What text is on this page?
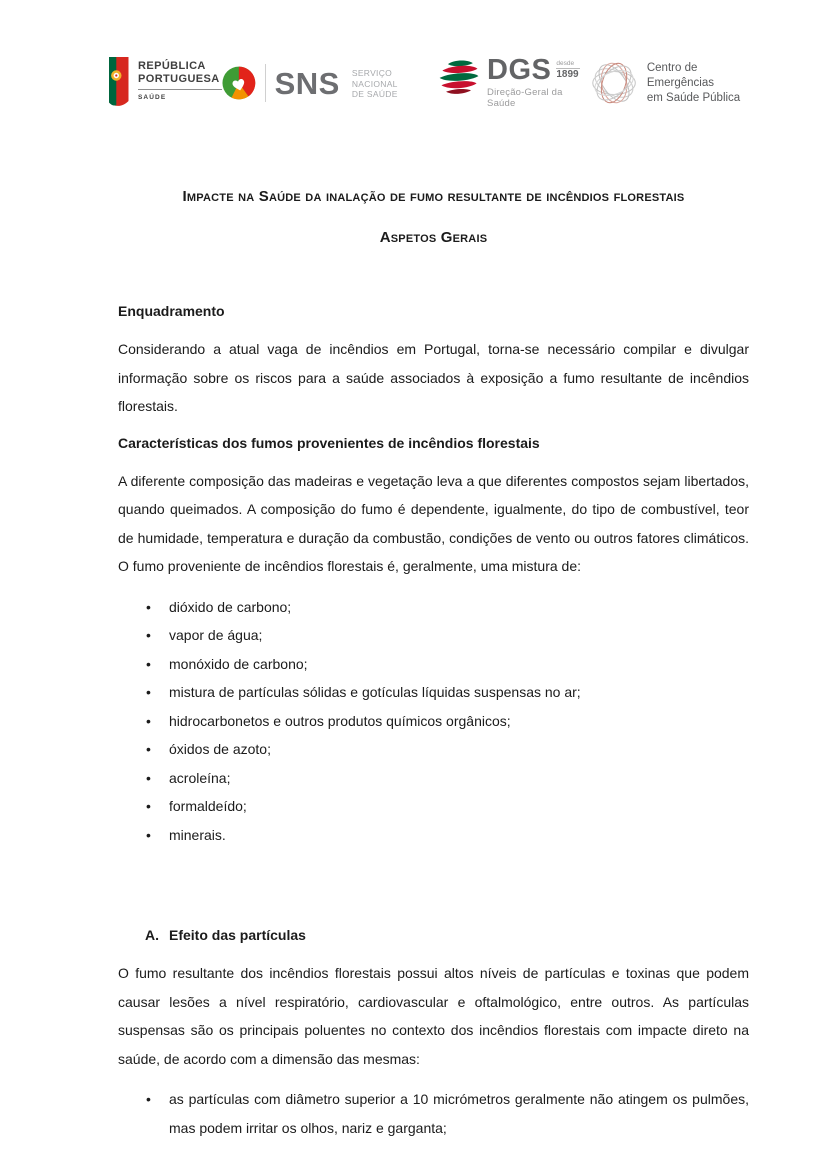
REPÚBLICA
PORTUGUESA
SAÚDE	SNS SERVIÇO NACIONAL
DE SAÚDE
DGS desde
1899
Direção-Geral da Saúde
Centro de Emergências
em Saúde Pública
Impacte na Saúde da inalação de fumo resultante de incêndios florestais
Aspetos Gerais
Enquadramento

Considerando a atual vaga de incêndios em Portugal, torna-se necessário compilar e divulgar informação sobre os riscos para a saúde associados à exposição a fumo resultante de incêndios florestais.

Características dos fumos provenientes de incêndios florestais

A diferente composição das madeiras e vegetação leva a que diferentes compostos sejam libertados, quando queimados. A composição do fumo é dependente, igualmente, do tipo de combustível, teor de humidade, temperatura e duração da combustão, condições de vento ou outros fatores climáticos. O fumo proveniente de incêndios florestais é, geralmente, uma mistura de:

• dióxido de carbono;
• vapor de água;
• monóxido de carbono;
• mistura de partículas sólidas e gotículas líquidas suspensas no ar;
• hidrocarbonetos e outros produtos químicos orgânicos;
• óxidos de azoto;
• acroleína;
• formaldeído;
• minerais.
A. Efeito das partículas

O fumo resultante dos incêndios florestais possui altos níveis de partículas e toxinas que podem causar lesões a nível respiratório, cardiovascular e oftalmológico, entre outros. As partículas suspensas são os principais poluentes no contexto dos incêndios florestais com impacte direto na saúde, de acordo com a dimensão das mesmas:

• as partículas com diâmetro superior a 10 micrómetros geralmente não atingem os pulmões, mas podem irritar os olhos, nariz e garganta;
